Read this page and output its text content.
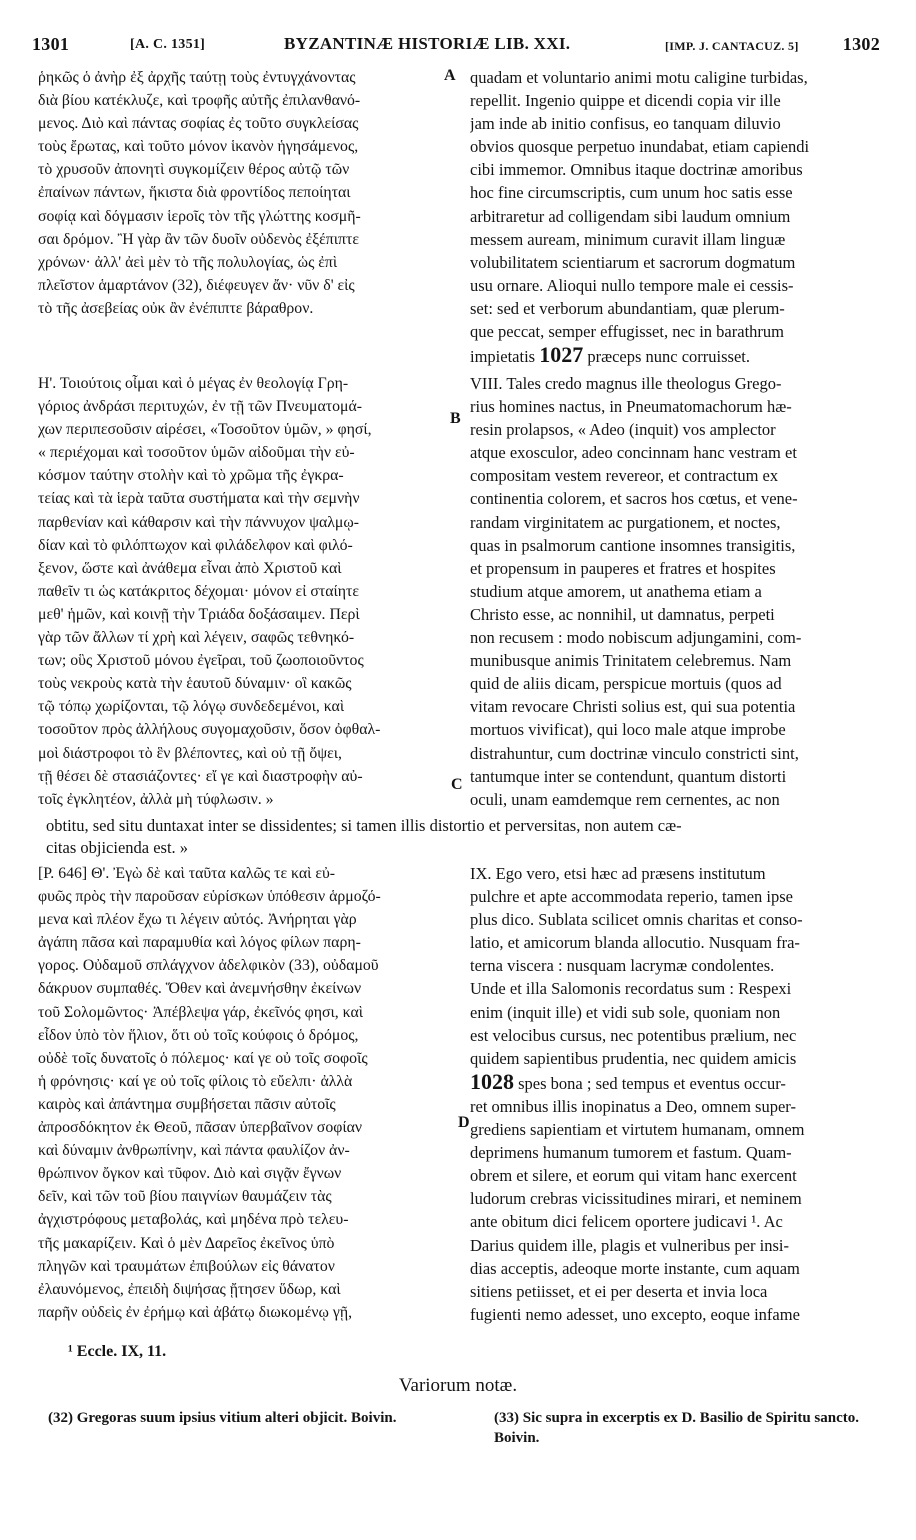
1301	[A. C. 1351]	BYZANTINÆ HISTORIÆ LIB. XXI.	[IMP. J. CANTACUZ. 5] 1302
A
B
C
D
ῥηκῶς ὁ ἀνὴρ ἐξ ἀρχῆς ταύτῃ τοὺς ἐντυγχάνοντας
διὰ βίου κατέκλυζε, καὶ τροφῆς αὐτῆς ἐπιλανθανό-
μενος. Διὸ καὶ πάντας σοφίας ἐς τοῦτο συγκλείσας
τοὺς ἔρωτας, καὶ τοῦτο μόνον ἱκανὸν ἡγησάμενος,
τὸ χρυσοῦν ἀπονητὶ συγκομίζειν θέρος αὐτῷ τῶν
ἐπαίνων πάντων, ἥκιστα διὰ φροντίδος πεποίηται
σοφίᾳ καὶ δόγμασιν ἱεροῖς τὸν τῆς γλώττης κοσμῆ-
σαι δρόμον. Ἢ γὰρ ἂν τῶν δυοῖν οὐδενὸς ἐξέπιπτε
χρόνων· ἀλλ' ἀεὶ μὲν τὸ τῆς πολυλογίας, ὡς ἐπὶ
πλεῖστον ἁμαρτάνον (32), διέφευγεν ἄν· νῦν δ' εἰς
τὸ τῆς ἀσεβείας οὐκ ἂν ἐνέπιπτε βάραθρον.
quadam et voluntario animi motu caligine turbidas,
repellit. Ingenio quippe et dicendi copia vir ille
jam inde ab initio confisus, eo tanquam diluvio
obvios quosque perpetuo inundabat, etiam capiendi
cibi immemor. Omnibus itaque doctrinæ amoribus
hoc fine circumscriptis, cum unum hoc satis esse
arbitraretur ad colligendam sibi laudum omnium
messem auream, minimum curavit illam linguæ
volubilitatem scientiarum et sacrorum dogmatum
usu ornare. Alioqui nullo tempore male ei cessis-
set: sed et verborum abundantiam, quæ plerum-
que peccat, semper effugisset, nec in barathrum
impietatis 1027 præceps nunc corruisset.
Η'. Τοιούτοις οἶμαι καὶ ὁ μέγας ἐν θεολογίᾳ Γρη-
γόριος ἀνδράσι περιτυχών, ἐν τῇ τῶν Πνευματομά-
χων περιπεσοῦσιν αἱρέσει, «Τοσοῦτον ὑμῶν, » φησί,
« περιέχομαι καὶ τοσοῦτον ὑμῶν αἰδοῦμαι τὴν εὐ-
κόσμον ταύτην στολὴν καὶ τὸ χρῶμα τῆς ἐγκρα-
τείας καὶ τὰ ἱερὰ ταῦτα συστήματα καὶ τὴν σεμνὴν
παρθενίαν καὶ κάθαρσιν καὶ τὴν πάννυχον ψαλμῳ-
δίαν καὶ τὸ φιλόπτωχον καὶ φιλάδελφον καὶ φιλό-
ξενον, ὥστε καὶ ἀνάθεμα εἶναι ἀπὸ Χριστοῦ καὶ
παθεῖν τι ὡς κατάκριτος δέχομαι· μόνον εἰ σταίητε
μεθ' ἡμῶν, καὶ κοινῇ τὴν Τριάδα δοξάσαιμεν. Περὶ
γὰρ τῶν ἄλλων τί χρὴ καὶ λέγειν, σαφῶς τεθνηκό-
των; οὓς Χριστοῦ μόνου ἐγεῖραι, τοῦ ζωοποιοῦντος
τοὺς νεκροὺς κατὰ τὴν ἑαυτοῦ δύναμιν· οἳ κακῶς
τῷ τόπῳ χωρίζονται, τῷ λόγῳ συνδεδεμένοι, καὶ
τοσοῦτον πρὸς ἀλλήλους συγομαχοῦσιν, ὅσον ὀφθαλ-
μοὶ διάστροφοι τὸ ἓν βλέποντες, καὶ οὐ τῇ ὄψει,
τῇ θέσει δὲ στασιάζοντες· εἴ γε καὶ διαστροφὴν αὐ-
τοῖς ἐγκλητέον, ἀλλὰ μὴ τύφλωσιν. »
VIII. Tales credo magnus ille theologus Grego-
rius homines nactus, in Pneumatomachorum hæ-
resin prolapsos, « Adeo (inquit) vos amplector
atque exosculor, adeo concinnam hanc vestram et
compositam vestem revereor, et contractum ex
continentia colorem, et sacros hos cœtus, et vene-
randam virginitatem ac purgationem, et noctes,
quas in psalmorum cantione insomnes transigitis,
et propensum in pauperes et fratres et hospites
studium atque amorem, ut anathema etiam a
Christo esse, ac nonnihil, ut damnatus, perpeti
non recusem : modo nobiscum adjungamini, com-
munibusque animis Trinitatem celebremus. Nam
quid de aliis dicam, perspicue mortuis (quos ad
vitam revocare Christi solius est, qui sua potentia
mortuos vivificat), qui loco male atque improbe
distrahuntur, cum doctrinæ vinculo constricti sint,
tantumque inter se contendunt, quantum distorti
oculi, unam eamdemque rem cernentes, ac non
obtitu, sed situ duntaxat inter se dissidentes; si tamen illis distortio et perversitas, non autem cæ-
citas objicienda est. »
[P. 646] Θ'. Ἐγὼ δὲ καὶ ταῦτα καλῶς τε καὶ εὐ-
φυῶς πρὸς τὴν παροῦσαν εὑρίσκων ὑπόθεσιν ἁρμοζό-
μενα καὶ πλέον ἔχω τι λέγειν αὐτός. Ἀνήρηται γὰρ
ἀγάπη πᾶσα καὶ παραμυθία καὶ λόγος φίλων παρη-
γορος. Οὐδαμοῦ σπλάγχνον ἀδελφικὸν (33), οὐδαμοῦ
δάκρυον συμπαθές. Ὅθεν καὶ ἀνεμνήσθην ἐκείνων
τοῦ Σολομῶντος· Ἀπέβλεψα γάρ, ἐκεῖνός φησι, καὶ
εἶδον ὑπὸ τὸν ἥλιον, ὅτι οὐ τοῖς κούφοις ὁ δρόμος,
οὐδὲ τοῖς δυνατοῖς ὁ πόλεμος· καί γε οὐ τοῖς σοφοῖς
ἡ φρόνησις· καί γε οὐ τοῖς φίλοις τὸ εὔελπι· ἀλλὰ
καιρὸς καὶ ἀπάντημα συμβήσεται πᾶσιν αὐτοῖς
ἀπροσδόκητον ἐκ Θεοῦ, πᾶσαν ὑπερβαῖνον σοφίαν
καὶ δύναμιν ἀνθρωπίνην, καὶ πάντα φαυλίζον ἀν-
θρώπινον ὄγκον καὶ τῦφον. Διὸ καὶ σιγᾷν ἔγνων
δεῖν, καὶ τῶν τοῦ βίου παιγνίων θαυμάζειν τὰς
ἀγχιστρόφους μεταβολάς, καὶ μηδένα πρὸ τελευ-
τῆς μακαρίζειν. Καὶ ὁ μὲν Δαρεῖος ἐκεῖνος ὑπὸ
πληγῶν καὶ τραυμάτων ἐπιβούλων εἰς θάνατον
ἐλαυνόμενος, ἐπειδὴ διψήσας ᾔτησεν ὕδωρ, καὶ
παρῆν οὐδεὶς ἐν ἐρήμῳ καὶ ἀβάτῳ διωκομένῳ γῇ,
IX. Ego vero, etsi hæc ad præsens institutum
pulchre et apte accommodata reperio, tamen ipse
plus dico. Sublata scilicet omnis charitas et conso-
latio, et amicorum blanda allocutio. Nusquam fra-
terna viscera : nusquam lacrymæ condolentes.
Unde et illa Salomonis recordatus sum : Respexi
enim (inquit ille) et vidi sub sole, quoniam non
est velocibus cursus, nec potentibus prælium, nec
quidem sapientibus prudentia, nec quidem amicis
1028 spes bona ; sed tempus et eventus occur-
ret omnibus illis inopinatus a Deo, omnem super-
grediens sapientiam et virtutem humanam, omnem
deprimens humanum tumorem et fastum. Quam-
obrem et silere, et eorum qui vitam hanc exercent
ludorum crebras vicissitudines mirari, et neminem
ante obitum dici felicem oportere judicavi ¹. Ac
Darius quidem ille, plagis et vulneribus per insi-
dias acceptis, adeoque morte instante, cum aquam
sitiens petiisset, et ei per deserta et invia loca
fugienti nemo adesset, uno excepto, eoque infame
¹ Eccle. IX, 11.
Variorum notæ.
(32) Gregoras suum ipsius vitium alteri objicit. Boivin.	(33) Sic supra in excerptis ex D. Basilio de Spiritu sancto. Boivin.
